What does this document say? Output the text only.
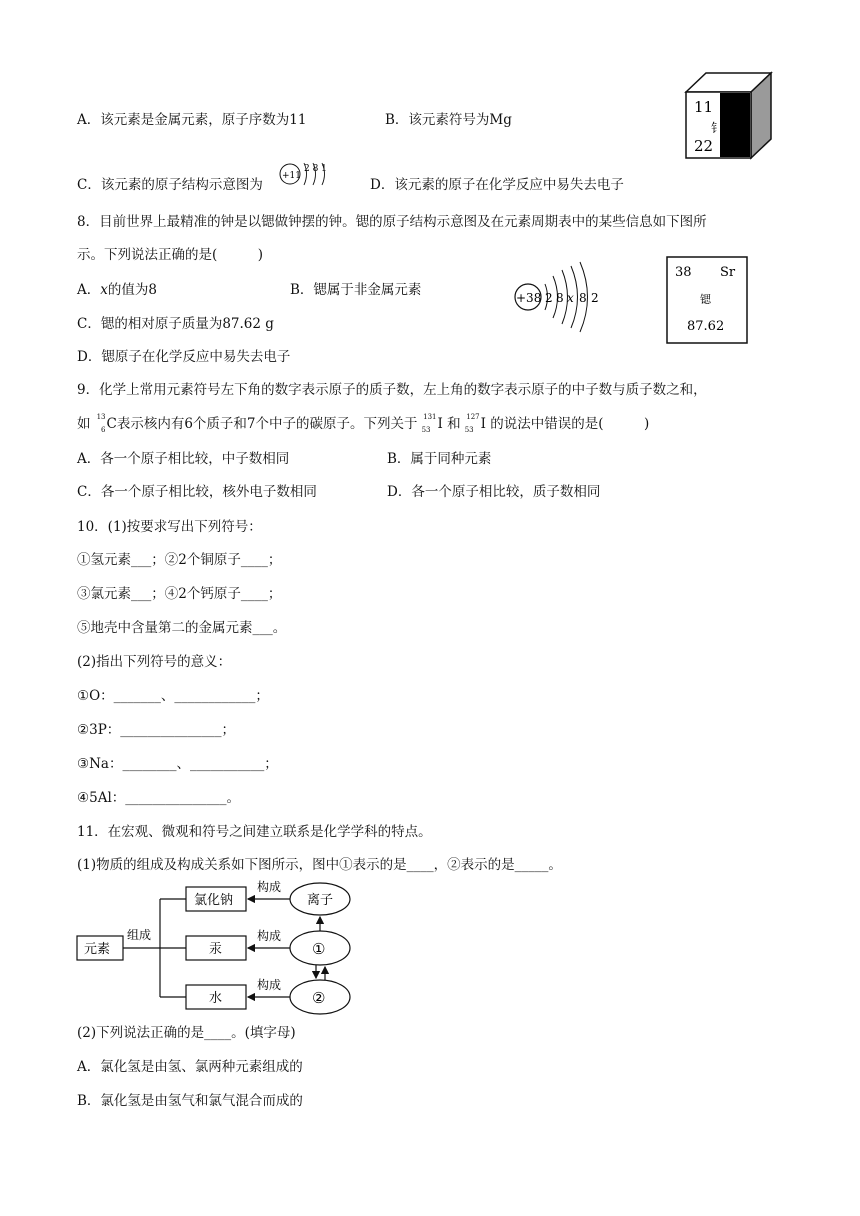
A．该元素是金属元素，原子序数为11	B．该元素符号为Mg
11
钅
22
C．该元素的原子结构示意图为
+11
2 8 1
D．该元素的原子在化学反应中易失去电子
8．目前世界上最精准的钟是以锶做钟摆的钟。锶的原子结构示意图及在元素周期表中的某些信息如下图所
示。下列说法正确的是(　　　)
A．x的值为8	B．锶属于非金属元素
C．锶的相对原子质量为87.62 g
D．锶原子在化学反应中易失去电子
+38 2 8 x 8 2
38 Sr
锶
87.62
9．化学上常用元素符号左下角的数字表示原子的质子数，左上角的数字表示原子的中子数与质子数之和，
如 13
6 C表示核内有6个质子和7个中子的碳原子。下列关于 131
53 I 和 127
53 I 的说法中错误的是(　　　)
A．各一个原子相比较，中子数相同	B．属于同种元素
C．各一个原子相比较，核外电子数相同	D．各一个原子相比较，质子数相同
10．(1)按要求写出下列符号：
①氢元素___；②2个铜原子____；
③氯元素___；④2个钙原子____；
⑤地壳中含量第二的金属元素___。
(2)指出下列符号的意义：
①O：_______、____________；
②3P：_______________；
③Na：________、___________；
④5Al：_______________。
11．在宏观、微观和符号之间建立联系是化学学科的特点。
(1)物质的组成及构成关系如下图所示，图中①表示的是____，②表示的是_____。
元素
组成
氯化钠
汞
水
构成
构成
构成
离子
①
②
(2)下列说法正确的是____。(填字母)
A．氯化氢是由氢、氯两种元素组成的
B．氯化氢是由氢气和氯气混合而成的
